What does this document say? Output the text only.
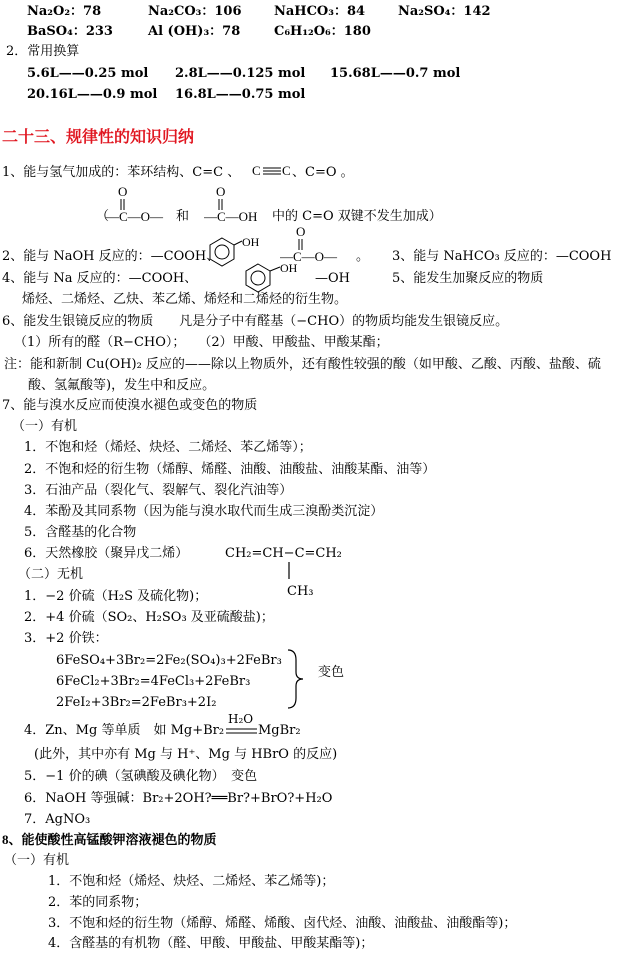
Na₂O₂：78	Na₂CO₃：106 NaHCO₃：84	Na₂SO₄：142
BaSO₄：233	Al (OH)₃：78	C₆H₁₂O₆：180
2．常用换算
5.6L——0.25 mol 2.8L——0.125 mol 15.68L——0.7 mol
20.16L——0.9 mol 16.8L——0.75 mol
二十三、规律性的知识归纳
1、能与氢气加成的：苯环结构、C=C 、 C C 、C=O 。
（
O
—C—O— 和
O
—C—OH 中的 C=O 双键不发生加成）
2、能与 NaOH 反应的：—COOH、
OH
O
—C—O— 。 3、能与 NaHCO₃ 反应的：—COOH
4、能与 Na 反应的：—COOH、
OH
—OH	5、能发生加聚反应的物质
烯烃、二烯烃、乙炔、苯乙烯、烯烃和二烯烃的衍生物。
6、能发生银镜反应的物质　　凡是分子中有醛基（−CHO）的物质均能发生银镜反应。
（1）所有的醛（R−CHO）；　　（2）甲酸、甲酸盐、甲酸某酯；
注：能和新制 Cu(OH)₂ 反应的——除以上物质外，还有酸性较强的酸（如甲酸、乙酸、丙酸、盐酸、硫
酸、氢氟酸等)，发生中和反应。
7、能与溴水反应而使溴水褪色或变色的物质
（一）有机
1．不饱和烃（烯烃、炔烃、二烯烃、苯乙烯等）；
2．不饱和烃的衍生物（烯醇、烯醛、油酸、油酸盐、油酸某酯、油等）
3．石油产品（裂化气、裂解气、裂化汽油等）
4．苯酚及其同系物（因为能与溴水取代而生成三溴酚类沉淀）
5．含醛基的化合物
6．天然橡胶（聚异戊二烯）	CH₂=CH−C=CH₂
CH₃
（二）无机
1．−2 价硫（H₂S 及硫化物)；
2．+4 价硫（SO₂、H₂SO₃ 及亚硫酸盐)；
3．+2 价铁：
6FeSO₄+3Br₂=2Fe₂(SO₄)₃+2FeBr₃
6FeCl₂+3Br₂=4FeCl₃+2FeBr₃
2FeI₂+3Br₂=2FeBr₃+2I₂
变色
4．Zn、Mg 等单质　如 Mg+Br₂
H₂O
MgBr₂
(此外，其中亦有 Mg 与 H⁺、Mg 与 HBrO 的反应)
5．−1 价的碘（氢碘酸及碘化物）　变色
6．NaOH 等强碱：Br₂+2OH?══Br?+BrO?+H₂O
7．AgNO₃
8、能使酸性高锰酸钾溶液褪色的物质
（一）有机
1．不饱和烃（烯烃、炔烃、二烯烃、苯乙烯等)；
2．苯的同系物；
3．不饱和烃的衍生物（烯醇、烯醛、烯酸、卤代烃、油酸、油酸盐、油酸酯等)；
4．含醛基的有机物（醛、甲酸、甲酸盐、甲酸某酯等)；
